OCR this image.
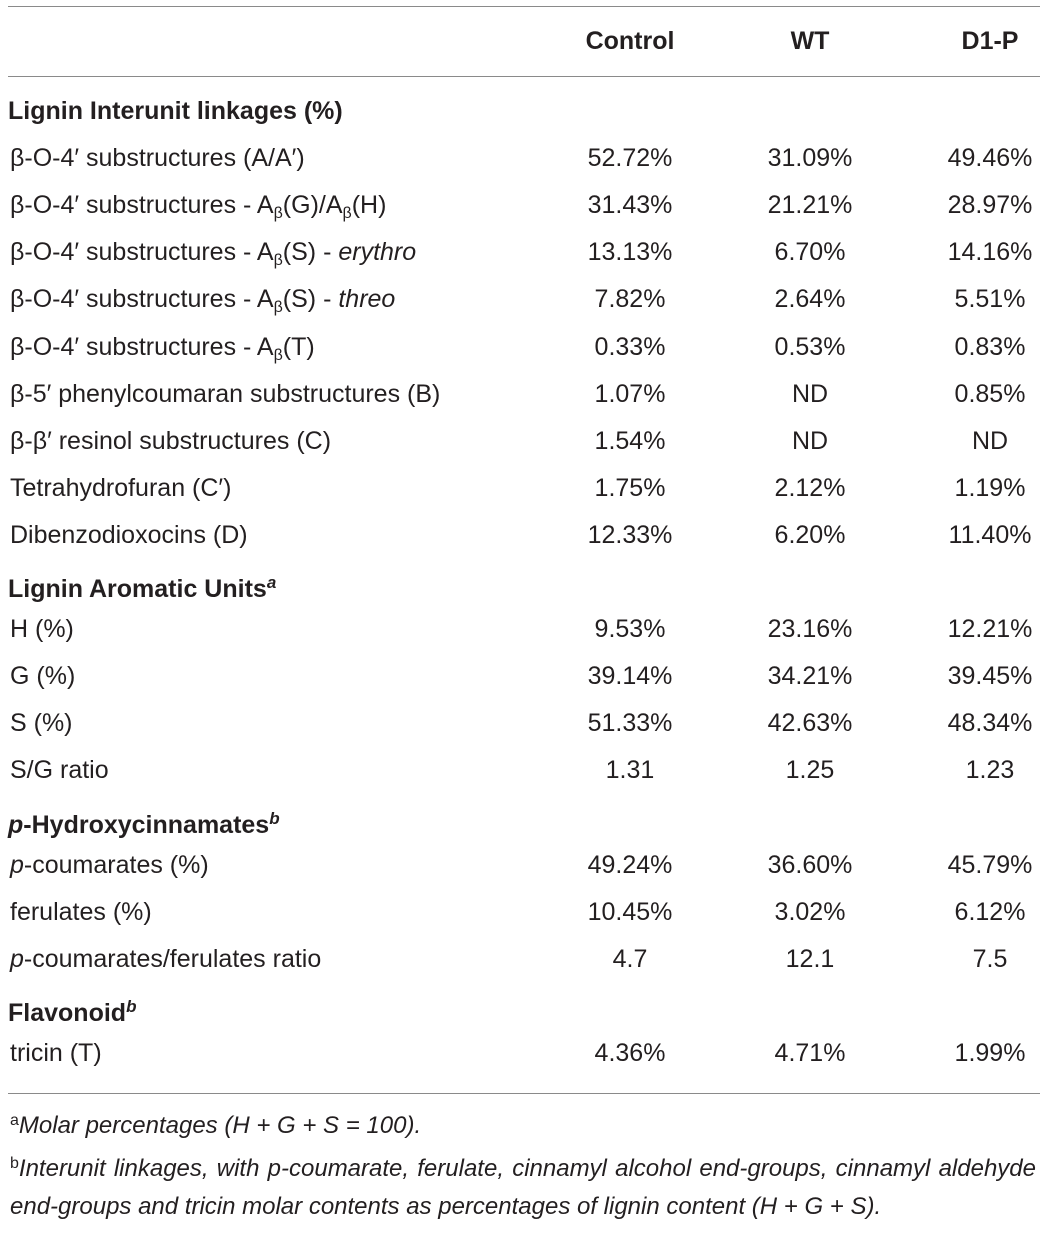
Control	WT	D1-P
Lignin Interunit linkages (%)
β-O-4′ substructures (A/A′)	52.72%	31.09%	49.46%
β-O-4′ substructures - $A_\beta(G)/A_\beta(H)$	31.43%	21.21%	28.97%
β-O-4′ substructures - $A_\beta(S)$ - erythro	13.13%	6.70%	14.16%
β-O-4′ substructures - $A_\beta(S)$ - threo	7.82%	2.64%	5.51%
β-O-4′ substructures - $A_\beta(T)$	0.33%	0.53%	0.83%
β-5′ phenylcoumaran substructures (B)	1.07%	ND	0.85%
β-β′ resinol substructures (C)	1.54%	ND	ND
Tetrahydrofuran (C′)	1.75%	2.12%	1.19%
Dibenzodioxocins (D)	12.33%	6.20%	11.40%
Lignin Aromatic Units$^a$
H (%)	9.53%	23.16%	12.21%
G (%)	39.14%	34.21%	39.45%
S (%)	51.33%	42.63%	48.34%
S/G ratio	1.31	1.25	1.23
p-Hydroxycinnamates$^b$
p-coumarates (%)	49.24%	36.60%	45.79%
ferulates (%)	10.45%	3.02%	6.12%
p-coumarates/ferulates ratio	4.7	12.1	7.5
Flavonoid$^b$
tricin (T)	4.36%	4.71%	1.99%
$^a$Molar percentages (H + G + S = 100).
$^b$Interunit linkages, with p-coumarate, ferulate, cinnamyl alcohol end-groups, cinnamyl aldehyde end-groups and tricin molar contents as percentages of lignin content (H + G + S).
